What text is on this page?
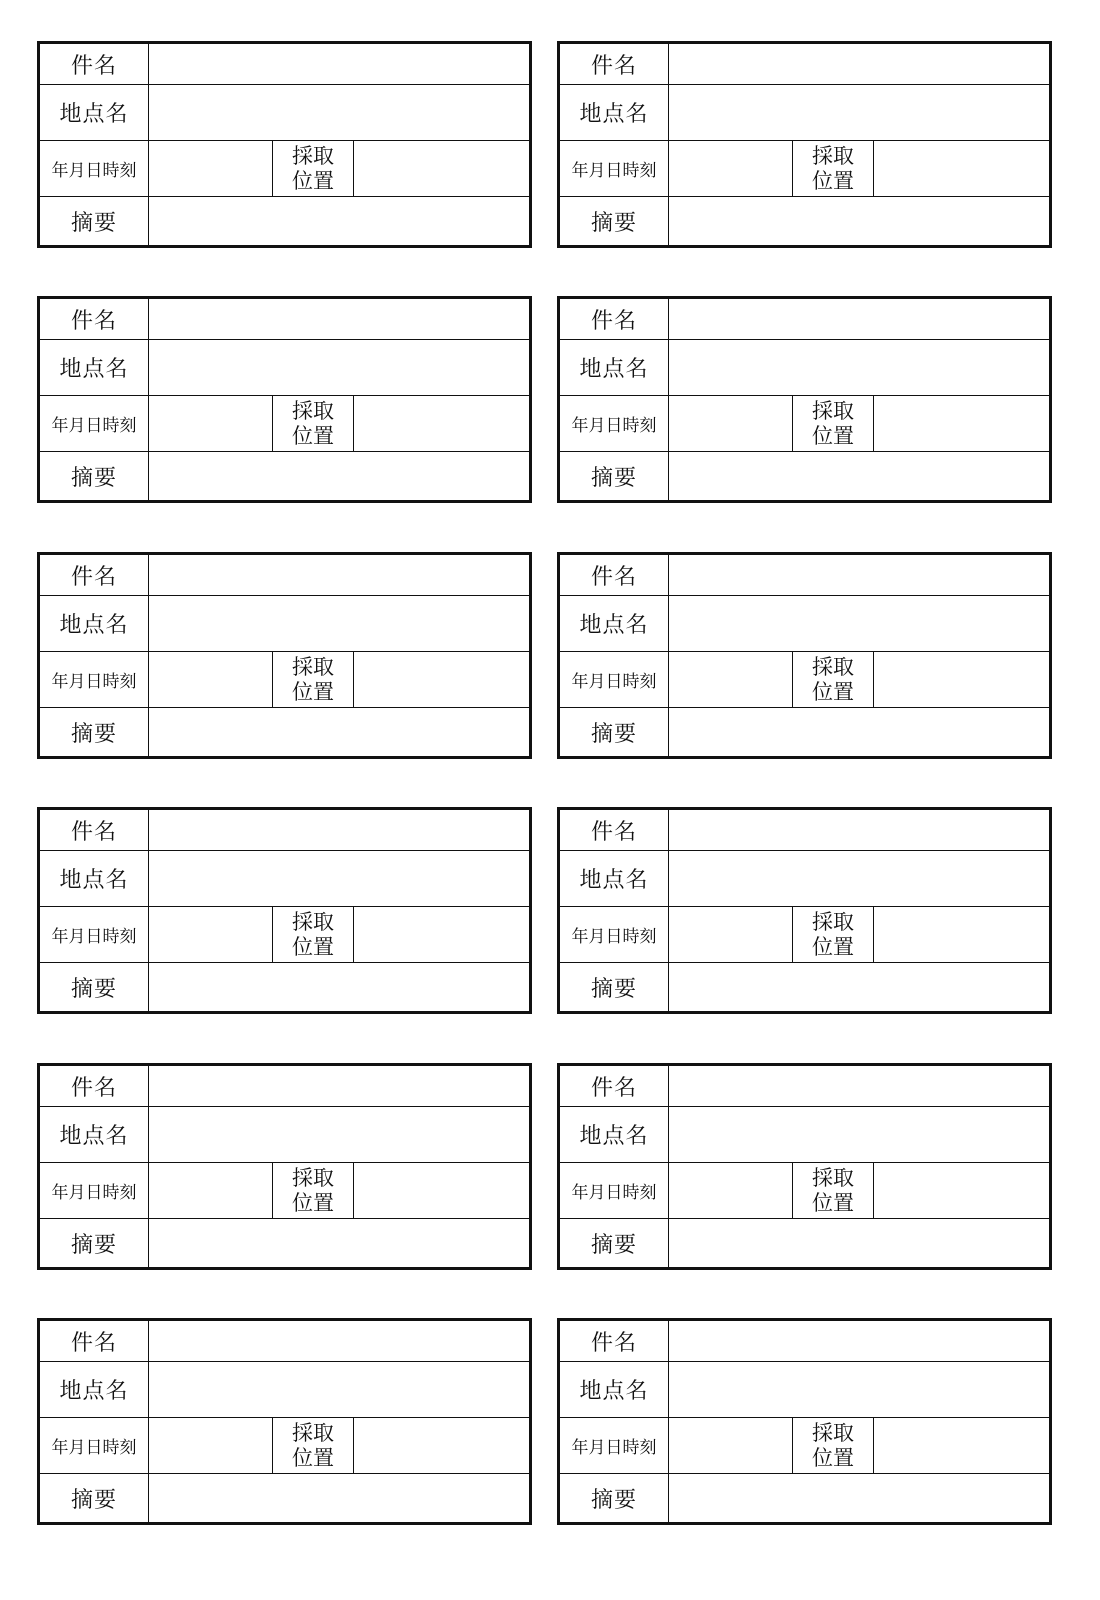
件名
地点名
年月日時刻
採取
位置
摘要
件名
地点名
年月日時刻
採取
位置
摘要
件名
地点名
年月日時刻
採取
位置
摘要
件名
地点名
年月日時刻
採取
位置
摘要
件名
地点名
年月日時刻
採取
位置
摘要
件名
地点名
年月日時刻
採取
位置
摘要
件名
地点名
年月日時刻
採取
位置
摘要
件名
地点名
年月日時刻
採取
位置
摘要
件名
地点名
年月日時刻
採取
位置
摘要
件名
地点名
年月日時刻
採取
位置
摘要
件名
地点名
年月日時刻
採取
位置
摘要
件名
地点名
年月日時刻
採取
位置
摘要
